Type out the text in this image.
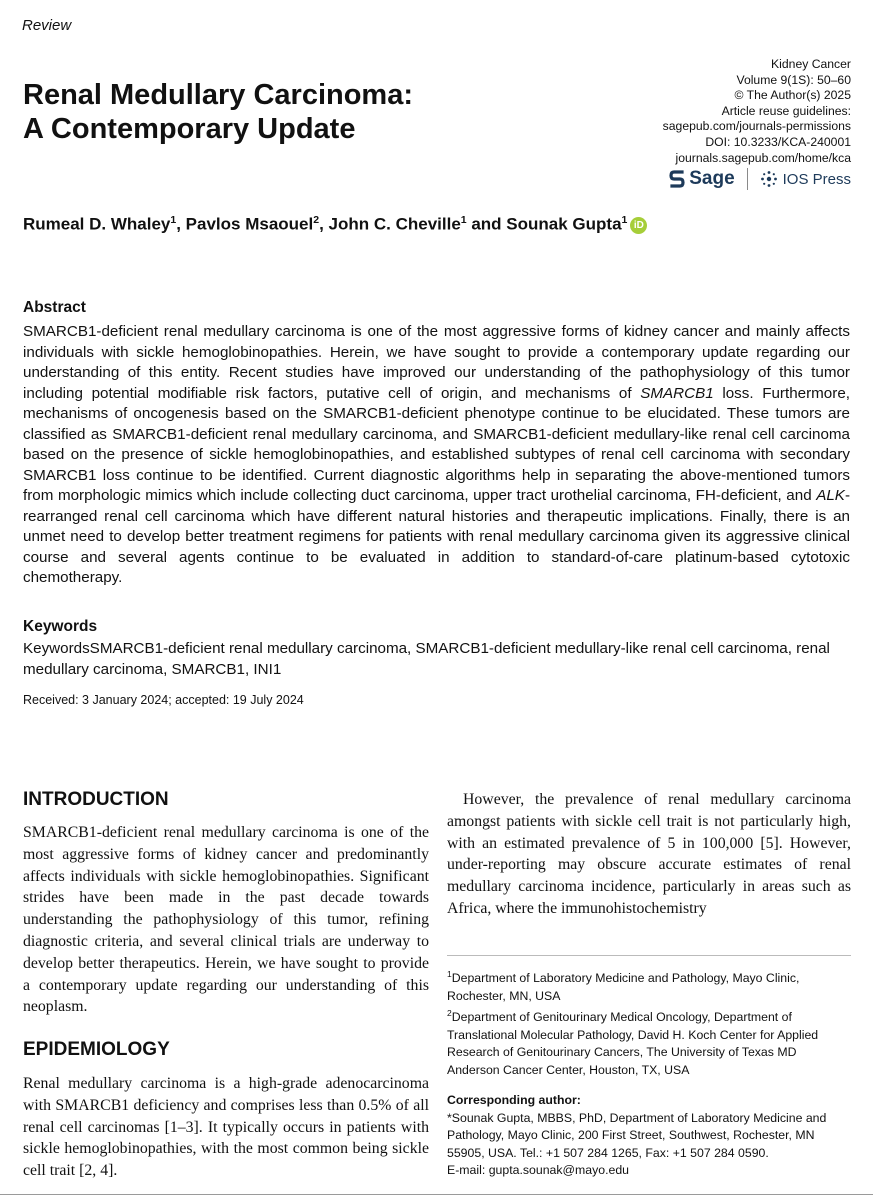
Review
Renal Medullary Carcinoma:
A Contemporary Update
Kidney Cancer
Volume 9(1S): 50–60
© The Author(s) 2025
Article reuse guidelines:
sagepub.com/journals-permissions
DOI: 10.3233/KCA-240001
journals.sagepub.com/home/kca
Sage	IOS Press
Rumeal D. Whaley$^1$, Pavlos Msaouel$^2$, John C. Cheville$^1$ and Sounak Gupta$^1$ iD
Abstract
SMARCB1-deficient renal medullary carcinoma is one of the most aggressive forms of kidney cancer and mainly affects individuals with sickle hemoglobinopathies. Herein, we have sought to provide a contemporary update regarding our understanding of this entity. Recent studies have improved our understanding of the pathophysiology of this tumor including potential modifiable risk factors, putative cell of origin, and mechanisms of SMARCB1 loss. Furthermore, mechanisms of oncogenesis based on the SMARCB1-deficient phenotype continue to be elucidated. These tumors are classified as SMARCB1-deficient renal medullary carcinoma, and SMARCB1-deficient medullary-like renal cell carcinoma based on the presence of sickle hemoglobinopathies, and established subtypes of renal cell carcinoma with secondary SMARCB1 loss continue to be identified. Current diagnostic algorithms help in separating the above-mentioned tumors from morphologic mimics which include collecting duct carcinoma, upper tract urothelial carcinoma, FH-deficient, and ALK-rearranged renal cell carcinoma which have different natural histories and therapeutic implications. Finally, there is an unmet need to develop better treatment regimens for patients with renal medullary carcinoma given its aggressive clinical course and several agents continue to be evaluated in addition to standard-of-care platinum-based cytotoxic chemotherapy.
Keywords
KeywordsSMARCB1-deficient renal medullary carcinoma, SMARCB1-deficient medullary-like renal cell carcinoma, renal medullary carcinoma, SMARCB1, INI1
Received: 3 January 2024; accepted: 19 July 2024
INTRODUCTION
SMARCB1-deficient renal medullary carcinoma is one of the most aggressive forms of kidney cancer and predominantly affects individuals with sickle hemoglobinopathies. Significant strides have been made in the past decade towards understanding the pathophysiology of this tumor, refining diagnostic criteria, and several clinical trials are underway to develop better therapeutics. Herein, we have sought to provide a contemporary update regarding our understanding of this neoplasm.
EPIDEMIOLOGY
Renal medullary carcinoma is a high-grade adenocarcinoma with SMARCB1 deficiency and comprises less than 0.5% of all renal cell carcinomas [1–3]. It typically occurs in patients with sickle hemoglobinopathies, with the most common being sickle cell trait [2, 4].
However, the prevalence of renal medullary carcinoma amongst patients with sickle cell trait is not particularly high, with an estimated prevalence of 5 in 100,000 [5]. However, under-reporting may obscure accurate estimates of renal medullary carcinoma incidence, particularly in areas such as Africa, where the immunohistochemistry

$^1$Department of Laboratory Medicine and Pathology, Mayo Clinic, Rochester, MN, USA

$^2$Department of Genitourinary Medical Oncology, Department of Translational Molecular Pathology, David H. Koch Center for Applied Research of Genitourinary Cancers, The University of Texas MD Anderson Cancer Center, Houston, TX, USA

Corresponding author:

*Sounak Gupta, MBBS, PhD, Department of Laboratory Medicine and Pathology, Mayo Clinic, 200 First Street, Southwest, Rochester, MN 55905, USA. Tel.: +1 507 284 1265, Fax: +1 507 284 0590.

E-mail: gupta.sounak@mayo.edu
